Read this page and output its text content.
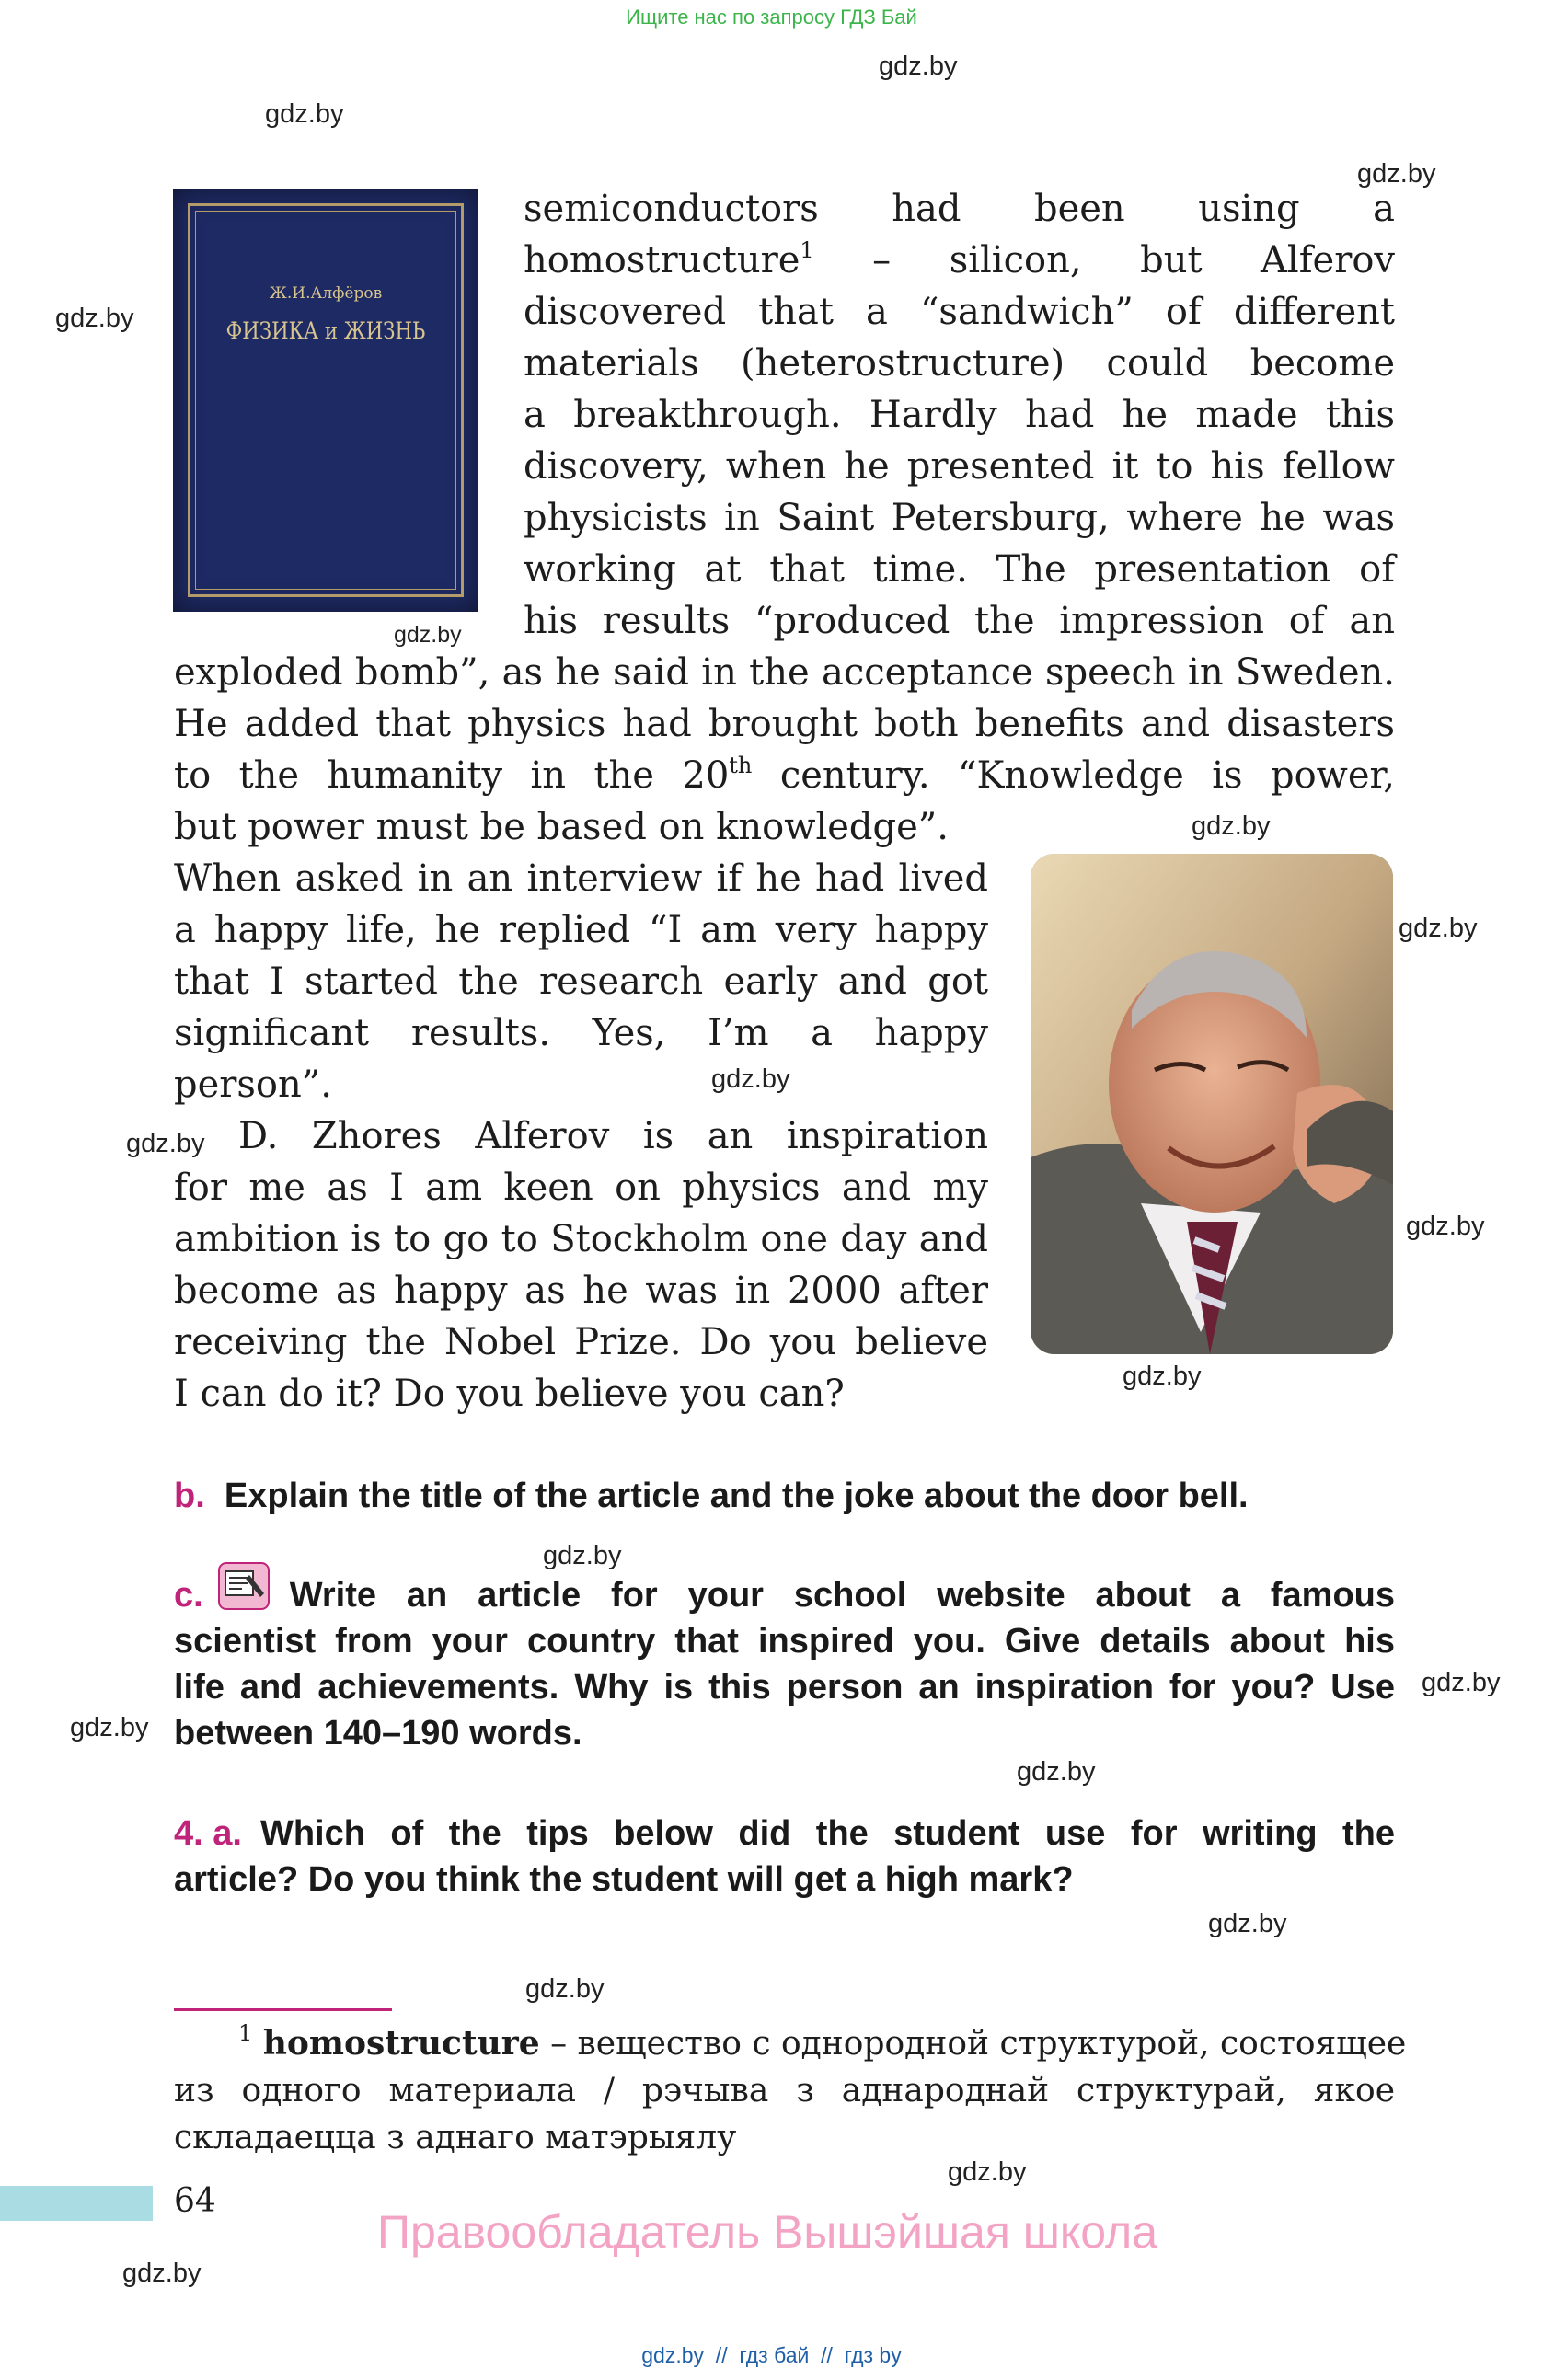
Ищите нас по запросу ГДЗ Бай
gdz.by
gdz.by
gdz.by
gdz.by
gdz.by
gdz.by
gdz.by
gdz.by
gdz.by
gdz.by
gdz.by
gdz.by
gdz.by
gdz.by
gdz.by
gdz.by
gdz.by
gdz.by
gdz.by
Ж.И.Алфёров
ФИЗИКА и ЖИЗНЬ
semiconductors had been using a
homostructure$^1$ – silicon, but Alferov
discovered that a “sandwich” of different
materials (heterostructure) could become
a breakthrough. Hardly had he made this
discovery, when he presented it to his fellow
physicists in Saint Petersburg, where he was
working at that time. The presentation of
his results “produced the impression of an
exploded bomb”, as he said in the acceptance speech in Sweden.
He added that physics had brought both benefits and disasters
to the humanity in the 20th century. “Knowledge is power,
but power must be based on knowledge”.
When asked in an interview if he had lived
a happy life, he replied “I am very happy
that I started the research early and got
significant results. Yes, I’m a happy
person”.
D. Zhores Alferov is an inspiration
for me as I am keen on physics and my
ambition is to go to Stockholm one day and
become as happy as he was in 2000 after
receiving the Nobel Prize. Do you believe
I can do it? Do you believe you can?
b. Explain the title of the article and the joke about the door bell.
c. Write an article for your school website about a famous
scientist from your country that inspired you. Give details about his
life and achievements. Why is this person an inspiration for you? Use
between 140–190 words.
4. a. Which of the tips below did the student use for writing the
article? Do you think the student will get a high mark?
$^1$ homostructure – вещество с однородной структурой, состоящее
из одного материала / рэчыва з аднароднай структурай, якое
складаецца з аднаго матэрыялу
64
Правообладатель Вышэйшая школа
gdz.by  //  гдз бай  //  гдз by
